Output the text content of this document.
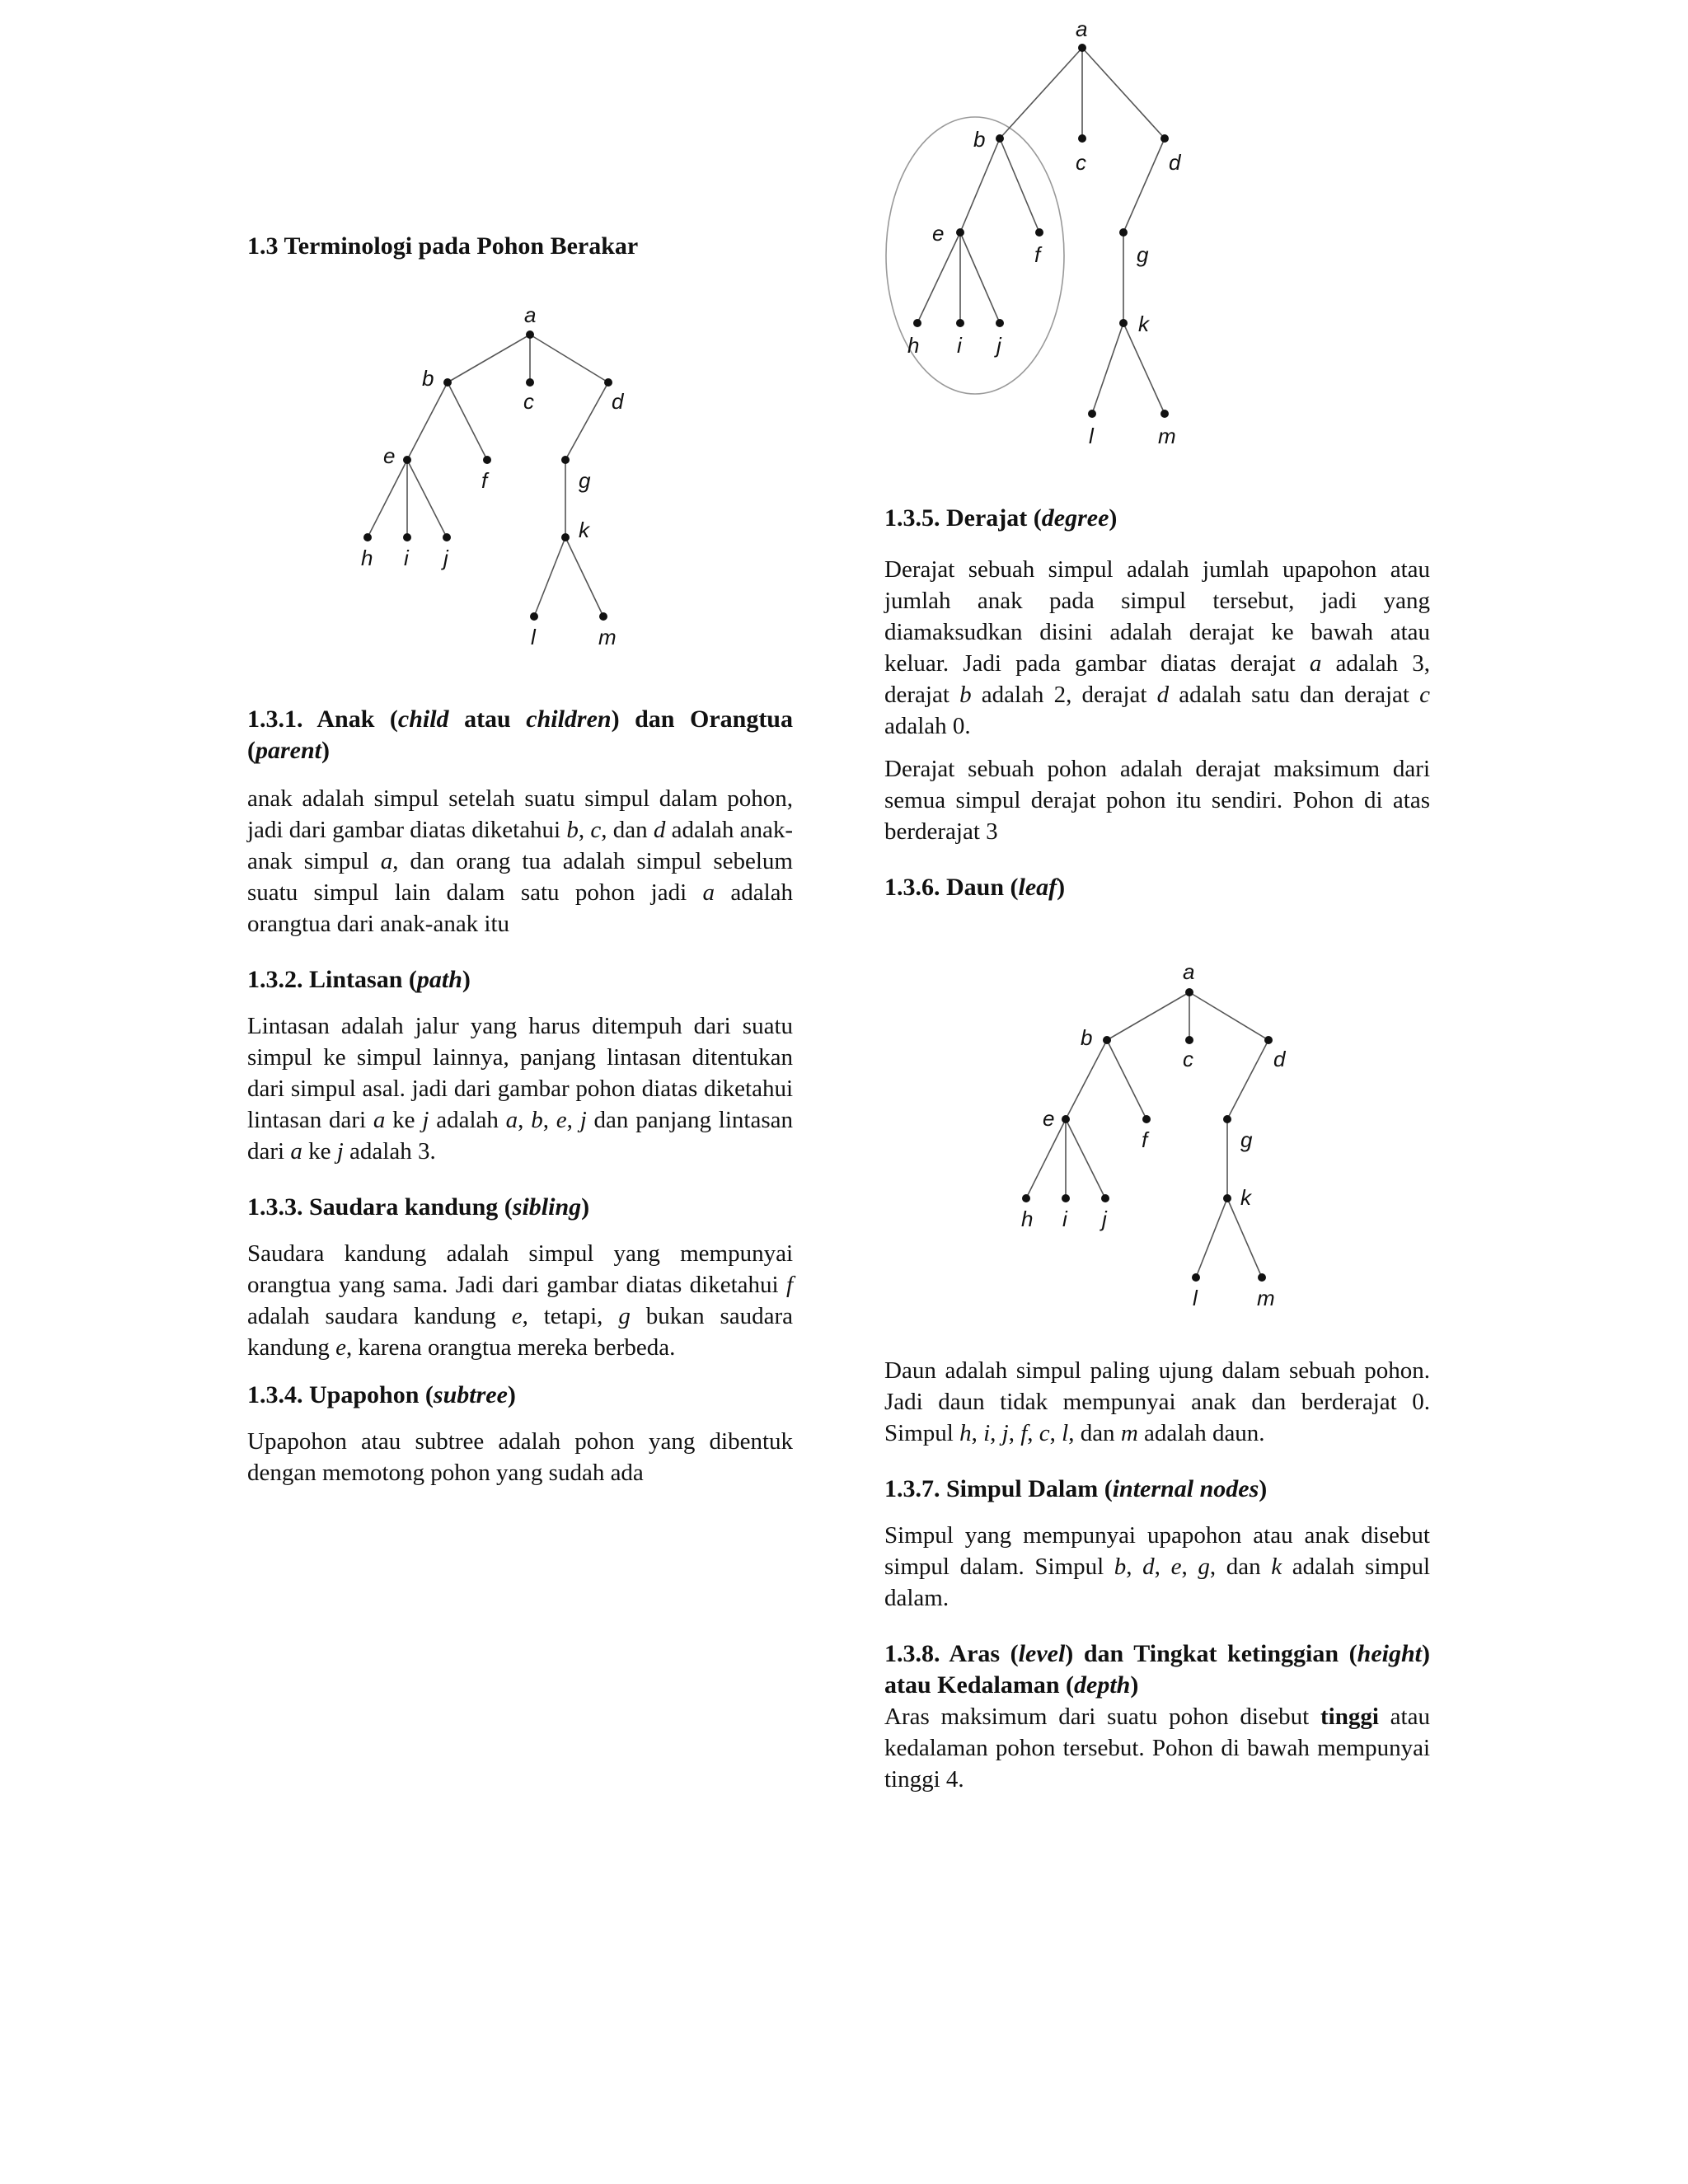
1.3 Terminologi pada Pohon Berakar
a
b
c	d
e
f	g
h i j
k
l	m
1.3.1. Anak (child atau children) dan Orangtua (parent)

anak adalah simpul setelah suatu simpul dalam pohon, jadi dari gambar diatas diketahui b, c, dan d adalah anak-anak simpul a, dan orang tua adalah simpul sebelum suatu simpul lain dalam satu pohon jadi a adalah orangtua dari anak-anak itu

1.3.2. Lintasan (path)

Lintasan adalah jalur yang harus ditempuh dari suatu simpul ke simpul lainnya, panjang lintasan ditentukan dari simpul asal. jadi dari gambar pohon diatas diketahui lintasan dari a ke j adalah a, b, e, j dan panjang lintasan dari a ke j adalah 3.

1.3.3. Saudara kandung (sibling)

Saudara kandung adalah simpul yang mempunyai orangtua yang sama. Jadi dari gambar diatas diketahui f adalah saudara kandung e, tetapi, g bukan saudara kandung e, karena orangtua mereka berbeda.

1.3.4. Upapohon (subtree)

Upapohon atau subtree adalah pohon yang dibentuk dengan memotong pohon yang sudah ada

a
b
c	d
e
f	g
h i j
k
l	m
1.3.5. Derajat (degree)

Derajat sebuah simpul adalah jumlah upapohon atau jumlah anak pada simpul tersebut, jadi yang diamaksudkan disini adalah derajat ke bawah atau keluar. Jadi pada gambar diatas derajat a adalah 3, derajat b adalah 2, derajat d adalah satu dan derajat c adalah 0.

Derajat sebuah pohon adalah derajat maksimum dari semua simpul derajat pohon itu sendiri. Pohon di atas berderajat 3

1.3.6. Daun (leaf)
a
b
c	d
e
f	g
h i j
k
l	m

Daun adalah simpul paling ujung dalam sebuah pohon. Jadi daun tidak mempunyai anak dan berderajat 0. Simpul h, i, j, f, c, l, dan m adalah daun.

1.3.7. Simpul Dalam (internal nodes)

Simpul yang mempunyai upapohon atau anak disebut simpul dalam. Simpul b, d, e, g, dan k adalah simpul dalam.

1.3.8. Aras (level) dan Tingkat ketinggian (height) atau Kedalaman (depth)

Aras maksimum dari suatu pohon disebut tinggi atau kedalaman pohon tersebut. Pohon di bawah mempunyai tinggi 4.
